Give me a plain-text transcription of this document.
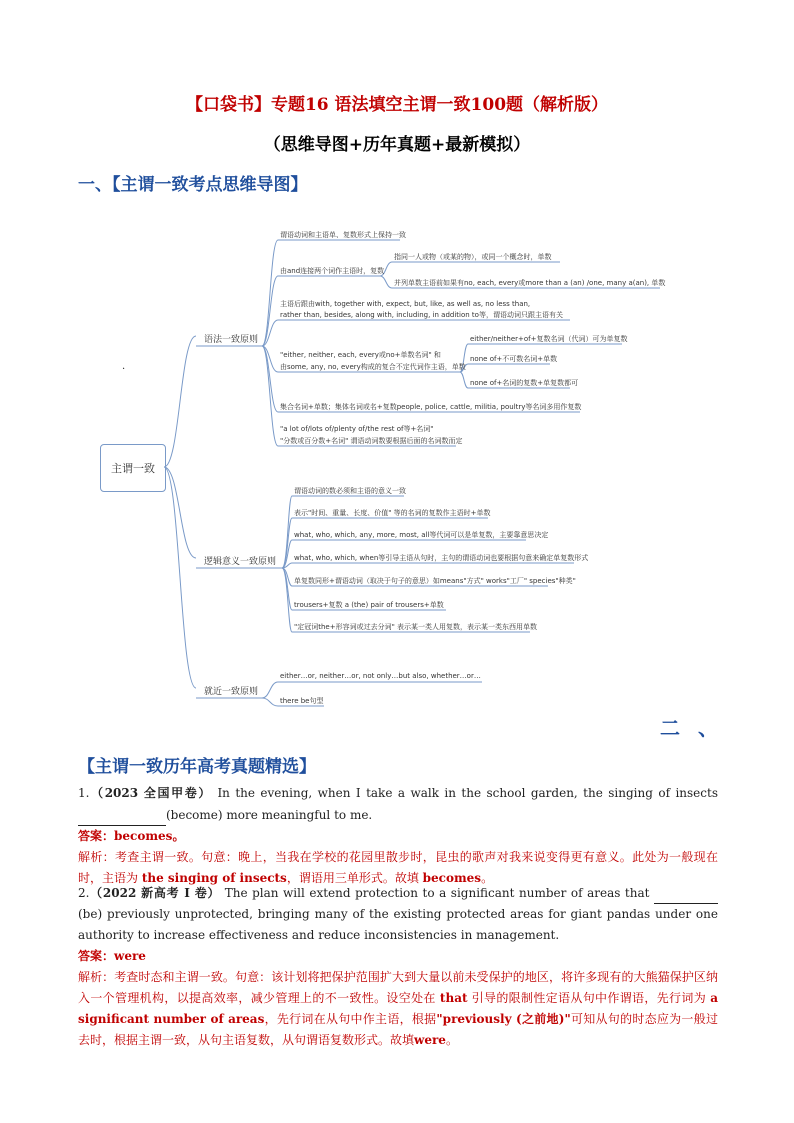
【口袋书】专题16 语法填空主谓一致100题（解析版）
（思维导图+历年真题+最新模拟）
一、【主谓一致考点思维导图】
.
主谓一致
语法一致原则
逻辑意义一致原则
就近一致原则
谓语动词和主语单、复数形式上保持一致
由and连接两个词作主语时，复数
指同一人或物（或某的物），或同一个概念时，单数
并列单数主语前如果有no, each, every或more than a (an) /one, many a(an), 单数
主语后跟由with, together with, expect, but, like, as well as, no less than,
rather than, besides, along with, including, in addition to等，谓语动词只跟主语有关
either/neither+of+复数名词（代词）可为单复数
"either, neither, each, every或no+单数名词" 和
由some, any, no, every构成的复合不定代词作主语，单数
none of+不可数名词+单数
none of+名词的复数+单复数都可
集合名词+单数；集体名词或名+复数people, police, cattle, militia, poultry等名词多用作复数
"a lot of/lots of/plenty of/the rest of等+名词"
"分数或百分数+名词" 谓语动词数要根据后面的名词数而定
谓语动词的数必须和主语的意义一致
表示"时间、重量、长度、价值" 等的名词的复数作主语时+单数
what, who, which, any, more, most, all等代词可以是单复数，主要靠意思决定
what, who, which, when等引导主语从句时，主句的谓语动词也要根据句意来确定单复数形式
单复数同形+谓语动词（取决于句子的意思）如means"方式" works"工厂" species"种类"
trousers+复数 a (the) pair of trousers+单数
"定冠词the+形容词或过去分词" 表示某一类人用复数，表示某一类东西用单数
either…or, neither…or, not only…but also, whether…or…
there be句型
二、
【主谓一致历年高考真题精选】
1.（2023 全国甲卷） In the evening, when I take a walk in the school garden, the singing of insects  (become) more meaningful to me.
答案：becomes。
解析：考查主谓一致。句意：晚上，当我在学校的花园里散步时，昆虫的歌声对我来说变得更有意义。此处为一般现在时，主语为 the singing of insects，谓语用三单形式。故填 becomes。
2.（2022 新高考 I 卷） The plan will extend protection to a significant number of areas that   (be) previously unprotected, bringing many of the existing protected areas for giant pandas under one authority to increase effectiveness and reduce inconsistencies in management.
答案：were
解析：考查时态和主谓一致。句意：该计划将把保护范围扩大到大量以前未受保护的地区，将许多现有的大熊猫保护区纳入一个管理机构，以提高效率，减少管理上的不一致性。设空处在 that 引导的限制性定语从句中作谓语，先行词为 a significant number of areas，先行词在从句中作主语，根据"previously (之前地)"可知从句的时态应为一般过去时，根据主谓一致，从句主语复数，从句谓语复数形式。故填were。
